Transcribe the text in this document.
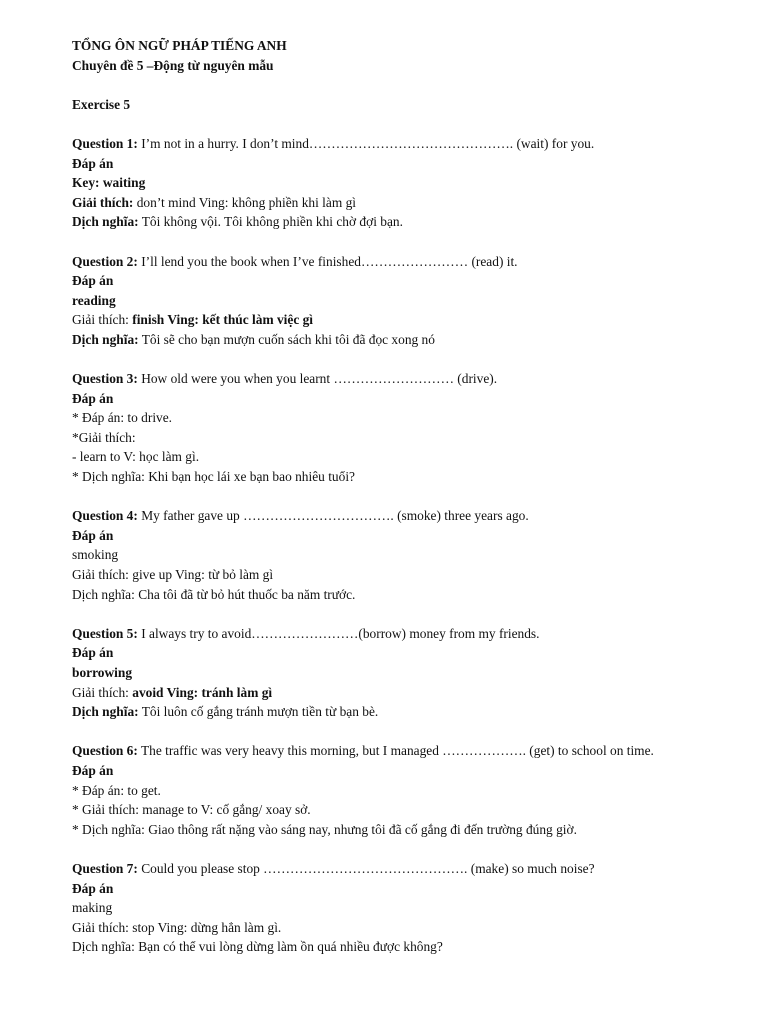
TỔNG ÔN NGỮ PHÁP TIẾNG ANH
Chuyên đề 5 –Động từ nguyên mẫu
Exercise 5
Question 1: I’m not in a hurry. I don’t mind………………………………………. (wait) for you.
Đáp án
Key: waiting
Giải thích: don’t mind Ving: không phiền khi làm gì
Dịch nghĩa: Tôi không vội. Tôi không phiền khi chờ đợi bạn.
Question 2: I’ll lend you the book when I’ve finished…………………… (read) it.
Đáp án
reading
Giải thích: finish Ving: kết thúc làm việc gì
Dịch nghĩa: Tôi sẽ cho bạn mượn cuốn sách khi tôi đã đọc xong nó
Question 3: How old were you when you learnt ……………………… (drive).
Đáp án
* Đáp án: to drive.
*Giải thích:
- learn to V: học làm gì.
* Dịch nghĩa: Khi bạn học lái xe bạn bao nhiêu tuổi?
Question 4: My father gave up ……………………………. (smoke) three years ago.
Đáp án
smoking
Giải thích: give up Ving: từ bỏ làm gì
Dịch nghĩa: Cha tôi đã từ bỏ hút thuốc ba năm trước.
Question 5: I always try to avoid……………………(borrow) money from my friends.
Đáp án
borrowing
Giải thích: avoid Ving: tránh làm gì
Dịch nghĩa: Tôi luôn cố gắng tránh mượn tiền từ bạn bè.
Question 6: The traffic was very heavy this morning, but I managed ………………. (get) to school on time.
Đáp án
* Đáp án: to get.
* Giải thích: manage to V: cố gắng/ xoay sở.
* Dịch nghĩa: Giao thông rất nặng vào sáng nay, nhưng tôi đã cố gắng đi đến trường đúng giờ.
Question 7: Could you please stop ………………………………………. (make) so much noise?
Đáp án
making
Giải thích: stop Ving: dừng hẳn làm gì.
Dịch nghĩa: Bạn có thể vui lòng dừng làm ồn quá nhiều được không?
